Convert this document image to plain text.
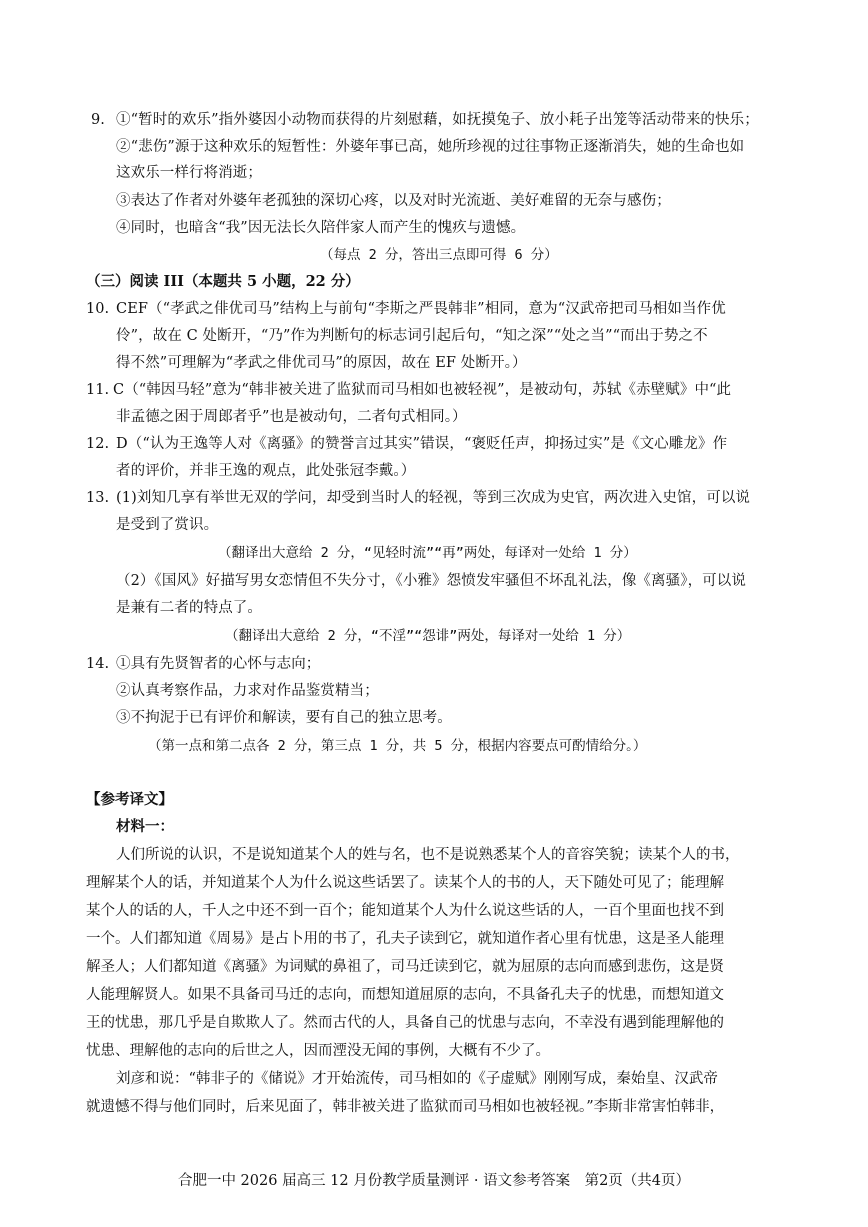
9. ①“暂时的欢乐”指外婆因小动物而获得的片刻慰藉，如抚摸兔子、放小耗子出笼等活动带来的快乐；
②“悲伤”源于这种欢乐的短暂性：外婆年事已高，她所珍视的过往事物正逐渐消失，她的生命也如
这欢乐一样行将消逝；
③表达了作者对外婆年老孤独的深切心疼，以及对时光流逝、美好难留的无奈与感伤；
④同时，也暗含“我”因无法长久陪伴家人而产生的愧疚与遗憾。
（每点 2 分，答出三点即可得 6 分）
（三）阅读 III（本题共 5 小题，22 分）
10. CEF（“孝武之俳优司马”结构上与前句“李斯之严畏韩非”相同，意为“汉武帝把司马相如当作优
伶”，故在 C 处断开，“乃”作为判断句的标志词引起后句，“知之深”“处之当”“而出于势之不
得不然”可理解为“孝武之俳优司马”的原因，故在 EF 处断开。）
11. C（“韩因马轻”意为“韩非被关进了监狱而司马相如也被轻视”，是被动句，苏轼《赤壁赋》中“此
非孟德之困于周郎者乎”也是被动句，二者句式相同。）
12. D（“认为王逸等人对《离骚》的赞誉言过其实”错误，“褒贬任声，抑扬过实”是《文心雕龙》作
者的评价，并非王逸的观点，此处张冠李戴。）
13. (1)刘知几享有举世无双的学问，却受到当时人的轻视，等到三次成为史官，两次进入史馆，可以说
是受到了赏识。
（翻译出大意给 2 分，“见轻时流”“再”两处，每译对一处给 1 分）
（2）《国风》好描写男女恋情但不失分寸，《小雅》怨愤发牢骚但不坏乱礼法，像《离骚》，可以说
是兼有二者的特点了。
（翻译出大意给 2 分，“不淫”“怨诽”两处，每译对一处给 1 分）
14. ①具有先贤智者的心怀与志向；
②认真考察作品，力求对作品鉴赏精当；
③不拘泥于已有评价和解读，要有自己的独立思考。
（第一点和第二点各 2 分，第三点 1 分，共 5 分，根据内容要点可酌情给分。）
【参考译文】
材料一：
人们所说的认识，不是说知道某个人的姓与名，也不是说熟悉某个人的音容笑貌；读某个人的书，
理解某个人的话，并知道某个人为什么说这些话罢了。读某个人的书的人，天下随处可见了；能理解
某个人的话的人，千人之中还不到一百个；能知道某个人为什么说这些话的人，一百个里面也找不到
一个。人们都知道《周易》是占卜用的书了，孔夫子读到它，就知道作者心里有忧患，这是圣人能理
解圣人；人们都知道《离骚》为词赋的鼻祖了，司马迁读到它，就为屈原的志向而感到悲伤，这是贤
人能理解贤人。如果不具备司马迁的志向，而想知道屈原的志向，不具备孔夫子的忧患，而想知道文
王的忧患，那几乎是自欺欺人了。然而古代的人，具备自己的忧患与志向，不幸没有遇到能理解他的
忧患、理解他的志向的后世之人，因而湮没无闻的事例，大概有不少了。
刘彦和说：“韩非子的《储说》才开始流传，司马相如的《子虚赋》刚刚写成，秦始皇、汉武帝
就遗憾不得与他们同时，后来见面了，韩非被关进了监狱而司马相如也被轻视。”李斯非常害怕韩非，
合肥一中 2026 届高三 12 月份教学质量测评 · 语文参考答案　第2页（共4页）
